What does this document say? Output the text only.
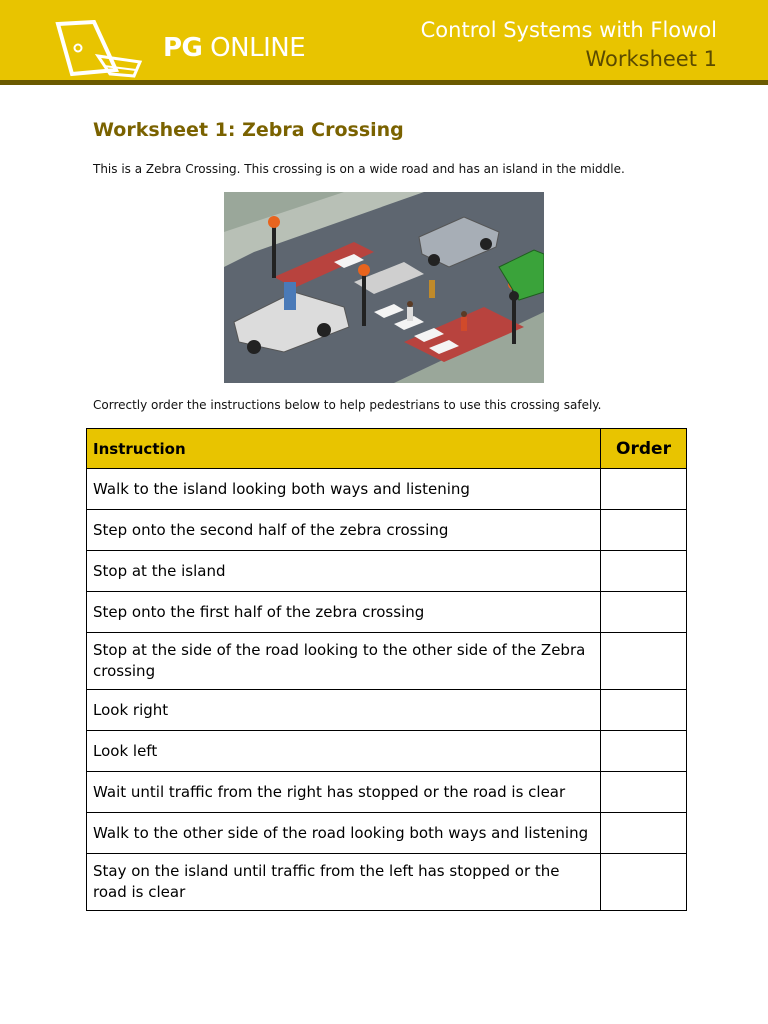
PG ONLINE
Control Systems with Flowol
Worksheet 1
Worksheet 1: Zebra Crossing
This is a Zebra Crossing. This crossing is on a wide road and has an island in the middle.
Correctly order the instructions below to help pedestrians to use this crossing safely.
Instruction	Order
Walk to the island looking both ways and listening	
Step onto the second half of the zebra crossing	
Stop at the island	
Step onto the first half of the zebra crossing	
Stop at the side of the road looking to the other side of the Zebra crossing	
Look right	
Look left	
Wait until traffic from the right has stopped or the road is clear	
Walk to the other side of the road looking both ways and listening	
Stay on the island until traffic from the left has stopped or the road is clear	
